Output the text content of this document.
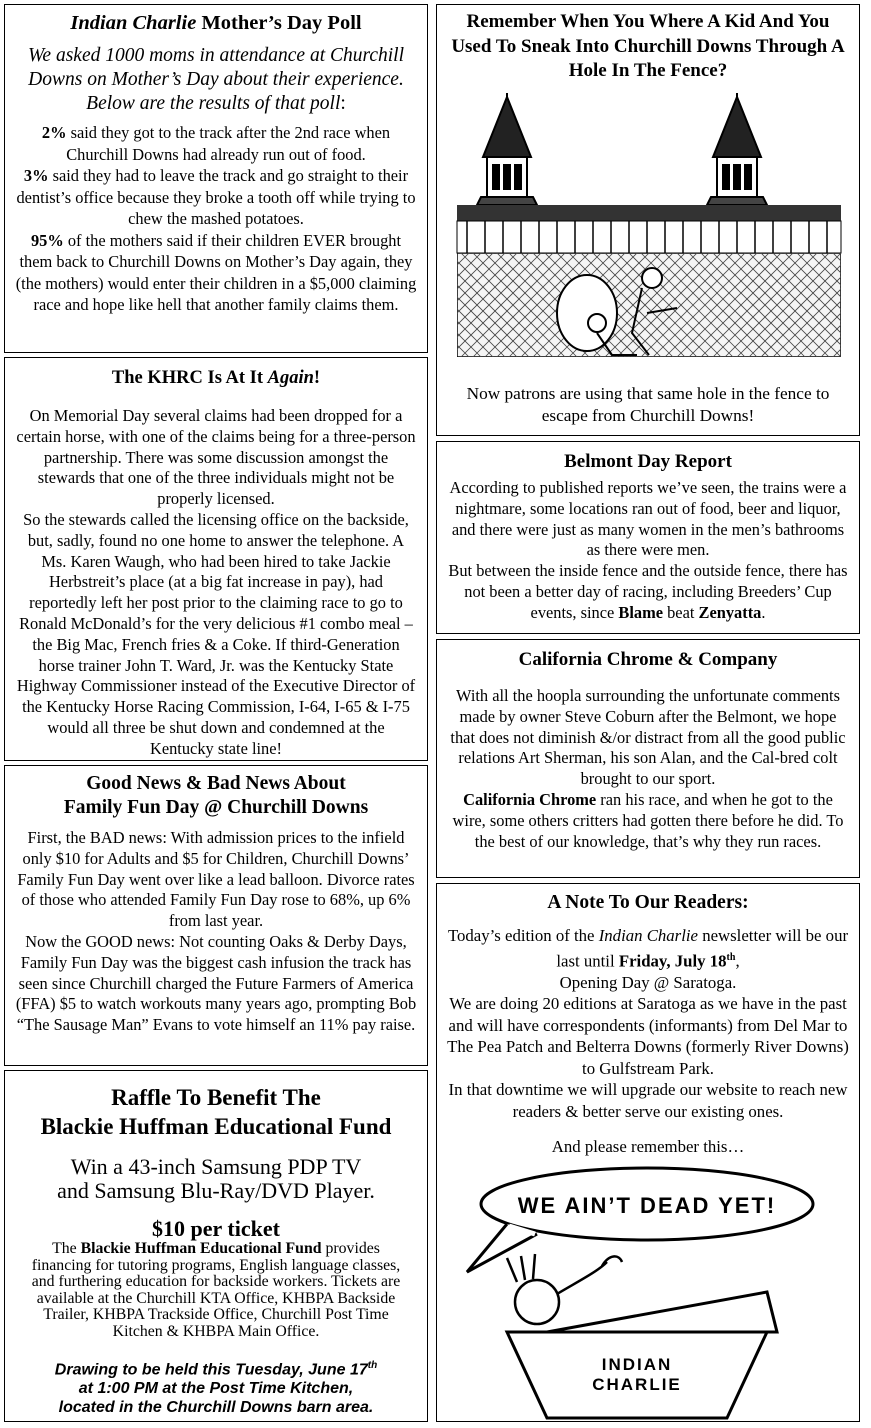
Indian Charlie Mother’s Day Poll

We asked 1000 moms in attendance at Churchill Downs on Mother’s Day about their experience. Below are the results of that poll:

2% said they got to the track after the 2nd race when Churchill Downs had already run out of food.

3% said they had to leave the track and go straight to their dentist’s office because they broke a tooth off while trying to chew the mashed potatoes.

95% of the mothers said if their children EVER brought them back to Churchill Downs on Mother’s Day again, they (the mothers) would enter their children in a $5,000 claiming race and hope like hell that another family claims them.

The KHRC Is At It Again!

On Memorial Day several claims had been dropped for a certain horse, with one of the claims being for a three-person partnership. There was some discussion amongst the stewards that one of the three individuals might not be properly licensed.

So the stewards called the licensing office on the backside, but, sadly, found no one home to answer the telephone. A Ms. Karen Waugh, who had been hired to take Jackie Herbstreit’s place (at a big fat increase in pay), had reportedly left her post prior to the claiming race to go to Ronald McDonald’s for the very delicious #1 combo meal – the Big Mac, French fries & a Coke. If third-Generation horse trainer John T. Ward, Jr. was the Kentucky State Highway Commissioner instead of the Executive Director of the Kentucky Horse Racing Commission, I-64, I-65 & I-75 would all three be shut down and condemned at the Kentucky state line!

Good News & Bad News About
Family Fun Day @ Churchill Downs

First, the BAD news: With admission prices to the infield only $10 for Adults and $5 for Children, Churchill Downs’ Family Fun Day went over like a lead balloon. Divorce rates of those who attended Family Fun Day rose to 68%, up 6% from last year.

Now the GOOD news: Not counting Oaks & Derby Days, Family Fun Day was the biggest cash infusion the track has seen since Churchill charged the Future Farmers of America (FFA) $5 to watch workouts many years ago, prompting Bob “The Sausage Man” Evans to vote himself an 11% pay raise.

Raffle To Benefit The
Blackie Huffman Educational Fund
Win a 43-inch Samsung PDP TV
and Samsung Blu-Ray/DVD Player.
$10 per ticket

The Blackie Huffman Educational Fund provides financing for tutoring programs, English language classes, and furthering education for backside workers. Tickets are available at the Churchill KTA Office, KHBPA Backside Trailer, KHBPA Trackside Office, Churchill Post Time Kitchen & KHBPA Main Office.

Drawing to be held this Tuesday, June 17th
at 1:00 PM at the Post Time Kitchen,
located in the Churchill Downs barn area.
Remember When You Where A Kid And You Used To Sneak Into Churchill Downs Through A Hole In The Fence?
Now patrons are using that same hole in the fence to escape from Churchill Downs!
Belmont Day Report

According to published reports we’ve seen, the trains were a nightmare, some locations ran out of food, beer and liquor, and there were just as many women in the men’s bathrooms as there were men.

But between the inside fence and the outside fence, there has not been a better day of racing, including Breeders’ Cup events, since Blame beat Zenyatta.

California Chrome & Company

With all the hoopla surrounding the unfortunate comments made by owner Steve Coburn after the Belmont, we hope that does not diminish &/or distract from all the good public relations Art Sherman, his son Alan, and the Cal-bred colt brought to our sport.

California Chrome ran his race, and when he got to the wire, some others critters had gotten there before he did. To the best of our knowledge, that’s why they run races.

A Note To Our Readers:

Today’s edition of the Indian Charlie newsletter will be our last until Friday, July 18th,

Opening Day @ Saratoga.

We are doing 20 editions at Saratoga as we have in the past and will have correspondents (informants) from Del Mar to The Pea Patch and Belterra Downs (formerly River Downs) to Gulfstream Park.

In that downtime we will upgrade our website to reach new readers & better serve our existing ones.

And please remember this…

WE AIN’T DEAD YET!
INDIAN
CHARLIE
